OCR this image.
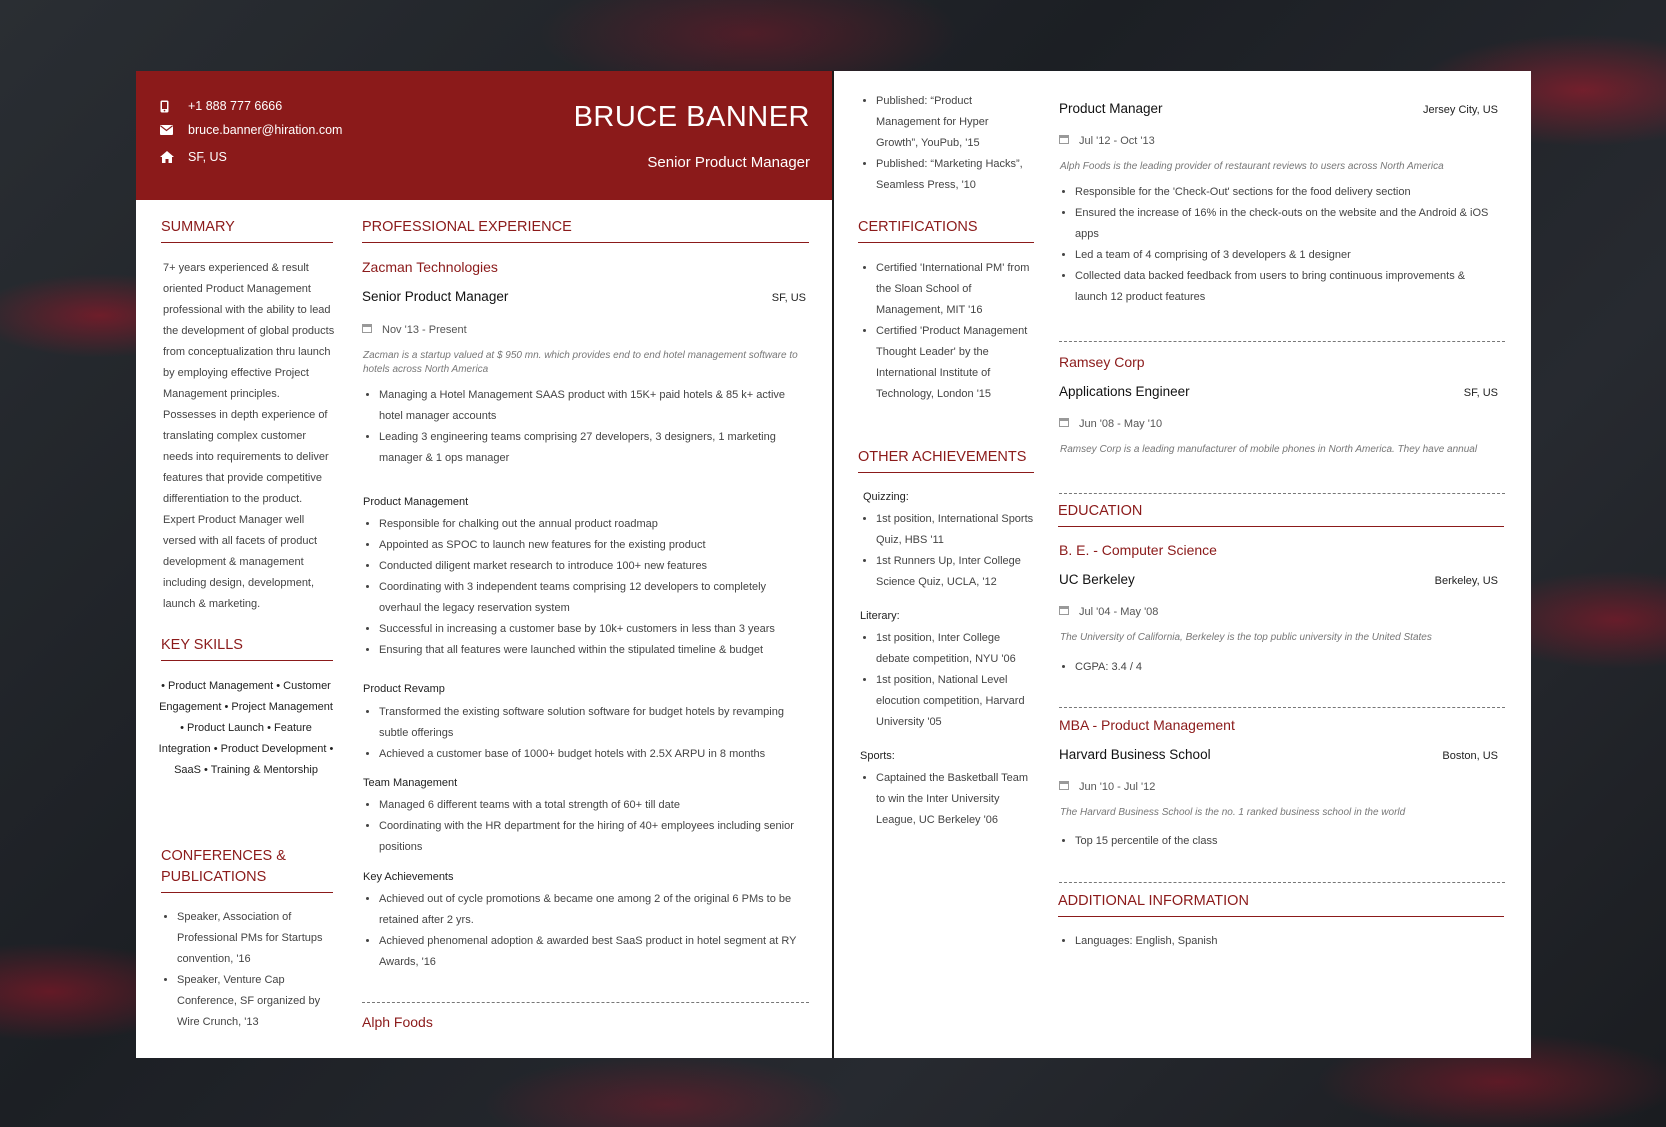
+1 888 777 6666
bruce.banner@hiration.com
SF, US
BRUCE BANNER
Senior Product Manager
SUMMARY
7+ years experienced & result oriented Product Management professional with the ability to lead the development of global products from conceptualization thru launch by employing effective Project Management principles. Possesses in depth experience of translating complex customer needs into requirements to deliver features that provide competitive differentiation to the product. Expert Product Manager well versed with all facets of product development & management including design, development, launch & marketing.
KEY SKILLS
• Product Management • Customer Engagement • Project Management • Product Launch • Feature Integration • Product Development • SaaS • Training & Mentorship
CONFERENCES & PUBLICATIONS
• Speaker, Association of Professional PMs for Startups convention, '16
• Speaker, Venture Cap Conference, SF organized by Wire Crunch, '13
PROFESSIONAL EXPERIENCE
Zacman Technologies
Senior Product Manager	SF, US
Nov '13 - Present
Zacman is a startup valued at $ 950 mn. which provides end to end hotel management software to hotels across North America
• Managing a Hotel Management SAAS product with 15K+ paid hotels & 85 k+ active hotel manager accounts
• Leading 3 engineering teams comprising 27 developers, 3 designers, 1 marketing manager & 1 ops manager
Product Management
• Responsible for chalking out the annual product roadmap
• Appointed as SPOC to launch new features for the existing product
• Conducted diligent market research to introduce 100+ new features
• Coordinating with 3 independent teams comprising 12 developers to completely overhaul the legacy reservation system
• Successful in increasing a customer base by 10k+ customers in less than 3 years
• Ensuring that all features were launched within the stipulated timeline & budget
Product Revamp
• Transformed the existing software solution software for budget hotels by revamping subtle offerings
• Achieved a customer base of 1000+ budget hotels with 2.5X ARPU in 8 months
Team Management
• Managed 6 different teams with a total strength of 60+ till date
• Coordinating with the HR department for the hiring of 40+ employees including senior positions
Key Achievements
• Achieved out of cycle promotions & became one among 2 of the original 6 PMs to be retained after 2 yrs.
• Achieved phenomenal adoption & awarded best SaaS product in hotel segment at RY Awards, '16
Alph Foods
• Published: “Product Management for Hyper Growth”, YouPub, '15
• Published: “Marketing Hacks”, Seamless Press, '10
CERTIFICATIONS
• Certified 'International PM' from the Sloan School of Management, MIT '16
• Certified 'Product Management Thought Leader' by the International Institute of Technology, London '15
OTHER ACHIEVEMENTS
Quizzing:
• 1st position, International Sports Quiz, HBS '11
• 1st Runners Up, Inter College Science Quiz, UCLA, '12
Literary:
• 1st position, Inter College debate competition, NYU '06
• 1st position, National Level elocution competition, Harvard University '05
Sports:
• Captained the Basketball Team to win the Inter University League, UC Berkeley '06
Product Manager	Jersey City, US
Jul '12 - Oct '13
Alph Foods is the leading provider of restaurant reviews to users across North America
• Responsible for the 'Check-Out' sections for the food delivery section
• Ensured the increase of 16% in the check-outs on the website and the Android & iOS apps
• Led a team of 4 comprising of 3 developers & 1 designer
• Collected data backed feedback from users to bring continuous improvements & launch 12 product features
Ramsey Corp
Applications Engineer	SF, US
Jun '08 - May '10
Ramsey Corp is a leading manufacturer of mobile phones in North America. They have annual
EDUCATION
B. E. - Computer Science
UC Berkeley	Berkeley, US
Jul '04 - May '08
The University of California, Berkeley is the top public university in the United States
• CGPA: 3.4 / 4
MBA - Product Management
Harvard Business School	Boston, US
Jun '10 - Jul '12
The Harvard Business School is the no. 1 ranked business school in the world
• Top 15 percentile of the class
ADDITIONAL INFORMATION
• Languages: English, Spanish
